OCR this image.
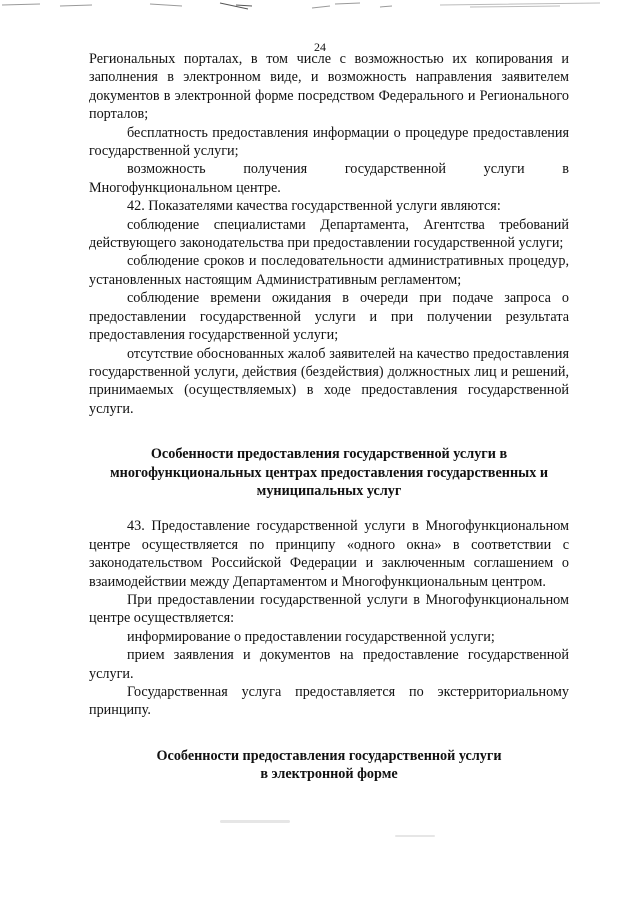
24

Региональных порталах, в том числе с возможностью их копирования и заполнения в электронном виде, и возможность направления заявителем документов в электронной форме посредством Федерального и Регионального порталов;

бесплатность предоставления информации о процедуре предоставления государственной услуги;

возможность получения государственной услуги в Многофункциональном центре.

42. Показателями качества государственной услуги являются:

соблюдение специалистами Департамента, Агентства требований действующего законодательства при предоставлении государственной услуги;

соблюдение сроков и последовательности административных процедур, установленных настоящим Административным регламентом;

соблюдение времени ожидания в очереди при подаче запроса о предоставлении государственной услуги и при получении результата предоставления государственной услуги;

отсутствие обоснованных жалоб заявителей на качество предоставления государственной услуги, действия (бездействия) должностных лиц и решений, принимаемых (осуществляемых) в ходе предоставления государственной услуги.

Особенности предоставления государственной услуги в

многофункциональных центрах предоставления государственных и

муниципальных услуг

43. Предоставление государственной услуги в Многофункциональном центре осуществляется по принципу «одного окна» в соответствии с законодательством Российской Федерации и заключенным соглашением о взаимодействии между Департаментом и Многофункциональным центром.

При предоставлении государственной услуги в Многофункциональном центре осуществляется:

информирование о предоставлении государственной услуги;

прием заявления и документов на предоставление государственной услуги.

Государственная услуга предоставляется по экстерриториальному принципу.

Особенности предоставления государственной услуги

в электронной форме
